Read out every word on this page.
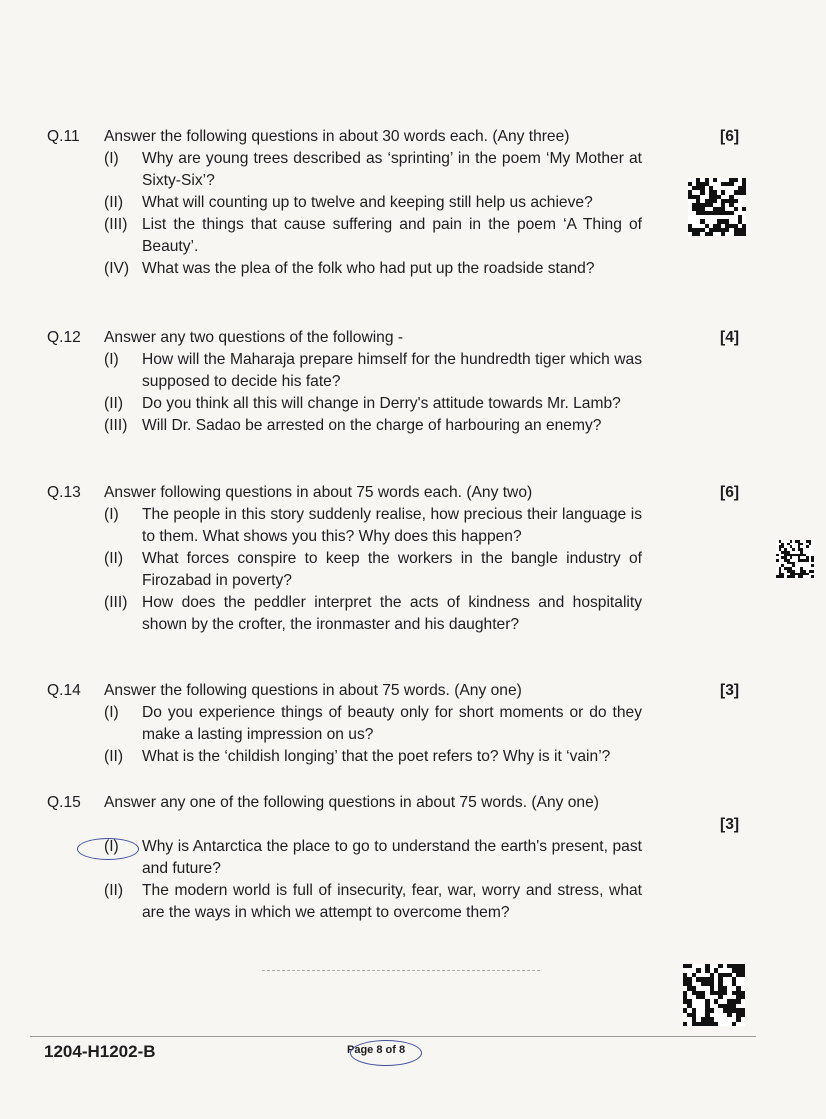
Q.11 Answer the following questions in about 30 words each. (Any three)	[6]
(I) Why are young trees described as ‘sprinting’ in the poem ‘My Mother at Sixty-Six’?
(II) What will counting up to twelve and keeping still help us achieve?
(III) List the things that cause suffering and pain in the poem ‘A Thing of Beauty’.
(IV) What was the plea of the folk who had put up the roadside stand?
Q.12 Answer any two questions of the following -	[4]
(I) How will the Maharaja prepare himself for the hundredth tiger which was supposed to decide his fate?
(II) Do you think all this will change in Derry's attitude towards Mr. Lamb?
(III) Will Dr. Sadao be arrested on the charge of harbouring an enemy?
Q.13 Answer following questions in about 75 words each. (Any two)	[6]
(I) The people in this story suddenly realise, how precious their language is to them. What shows you this? Why does this happen?
(II) What forces conspire to keep the workers in the bangle industry of Firozabad in poverty?
(III) How does the peddler interpret the acts of kindness and hospitality shown by the crofter, the ironmaster and his daughter?
Q.14 Answer the following questions in about 75 words. (Any one)	[3]
(I) Do you experience things of beauty only for short moments or do they make a lasting impression on us?
(II) What is the ‘childish longing’ that the poet refers to? Why is it ‘vain’?
Q.15 Answer any one of the following questions in about 75 words. (Any one)
[3]
(I) Why is Antarctica the place to go to understand the earth's present, past and future?
(II) The modern world is full of insecurity, fear, war, worry and stress, what are the ways in which we attempt to overcome them?
1204-H1202-B	Page 8 of 8
